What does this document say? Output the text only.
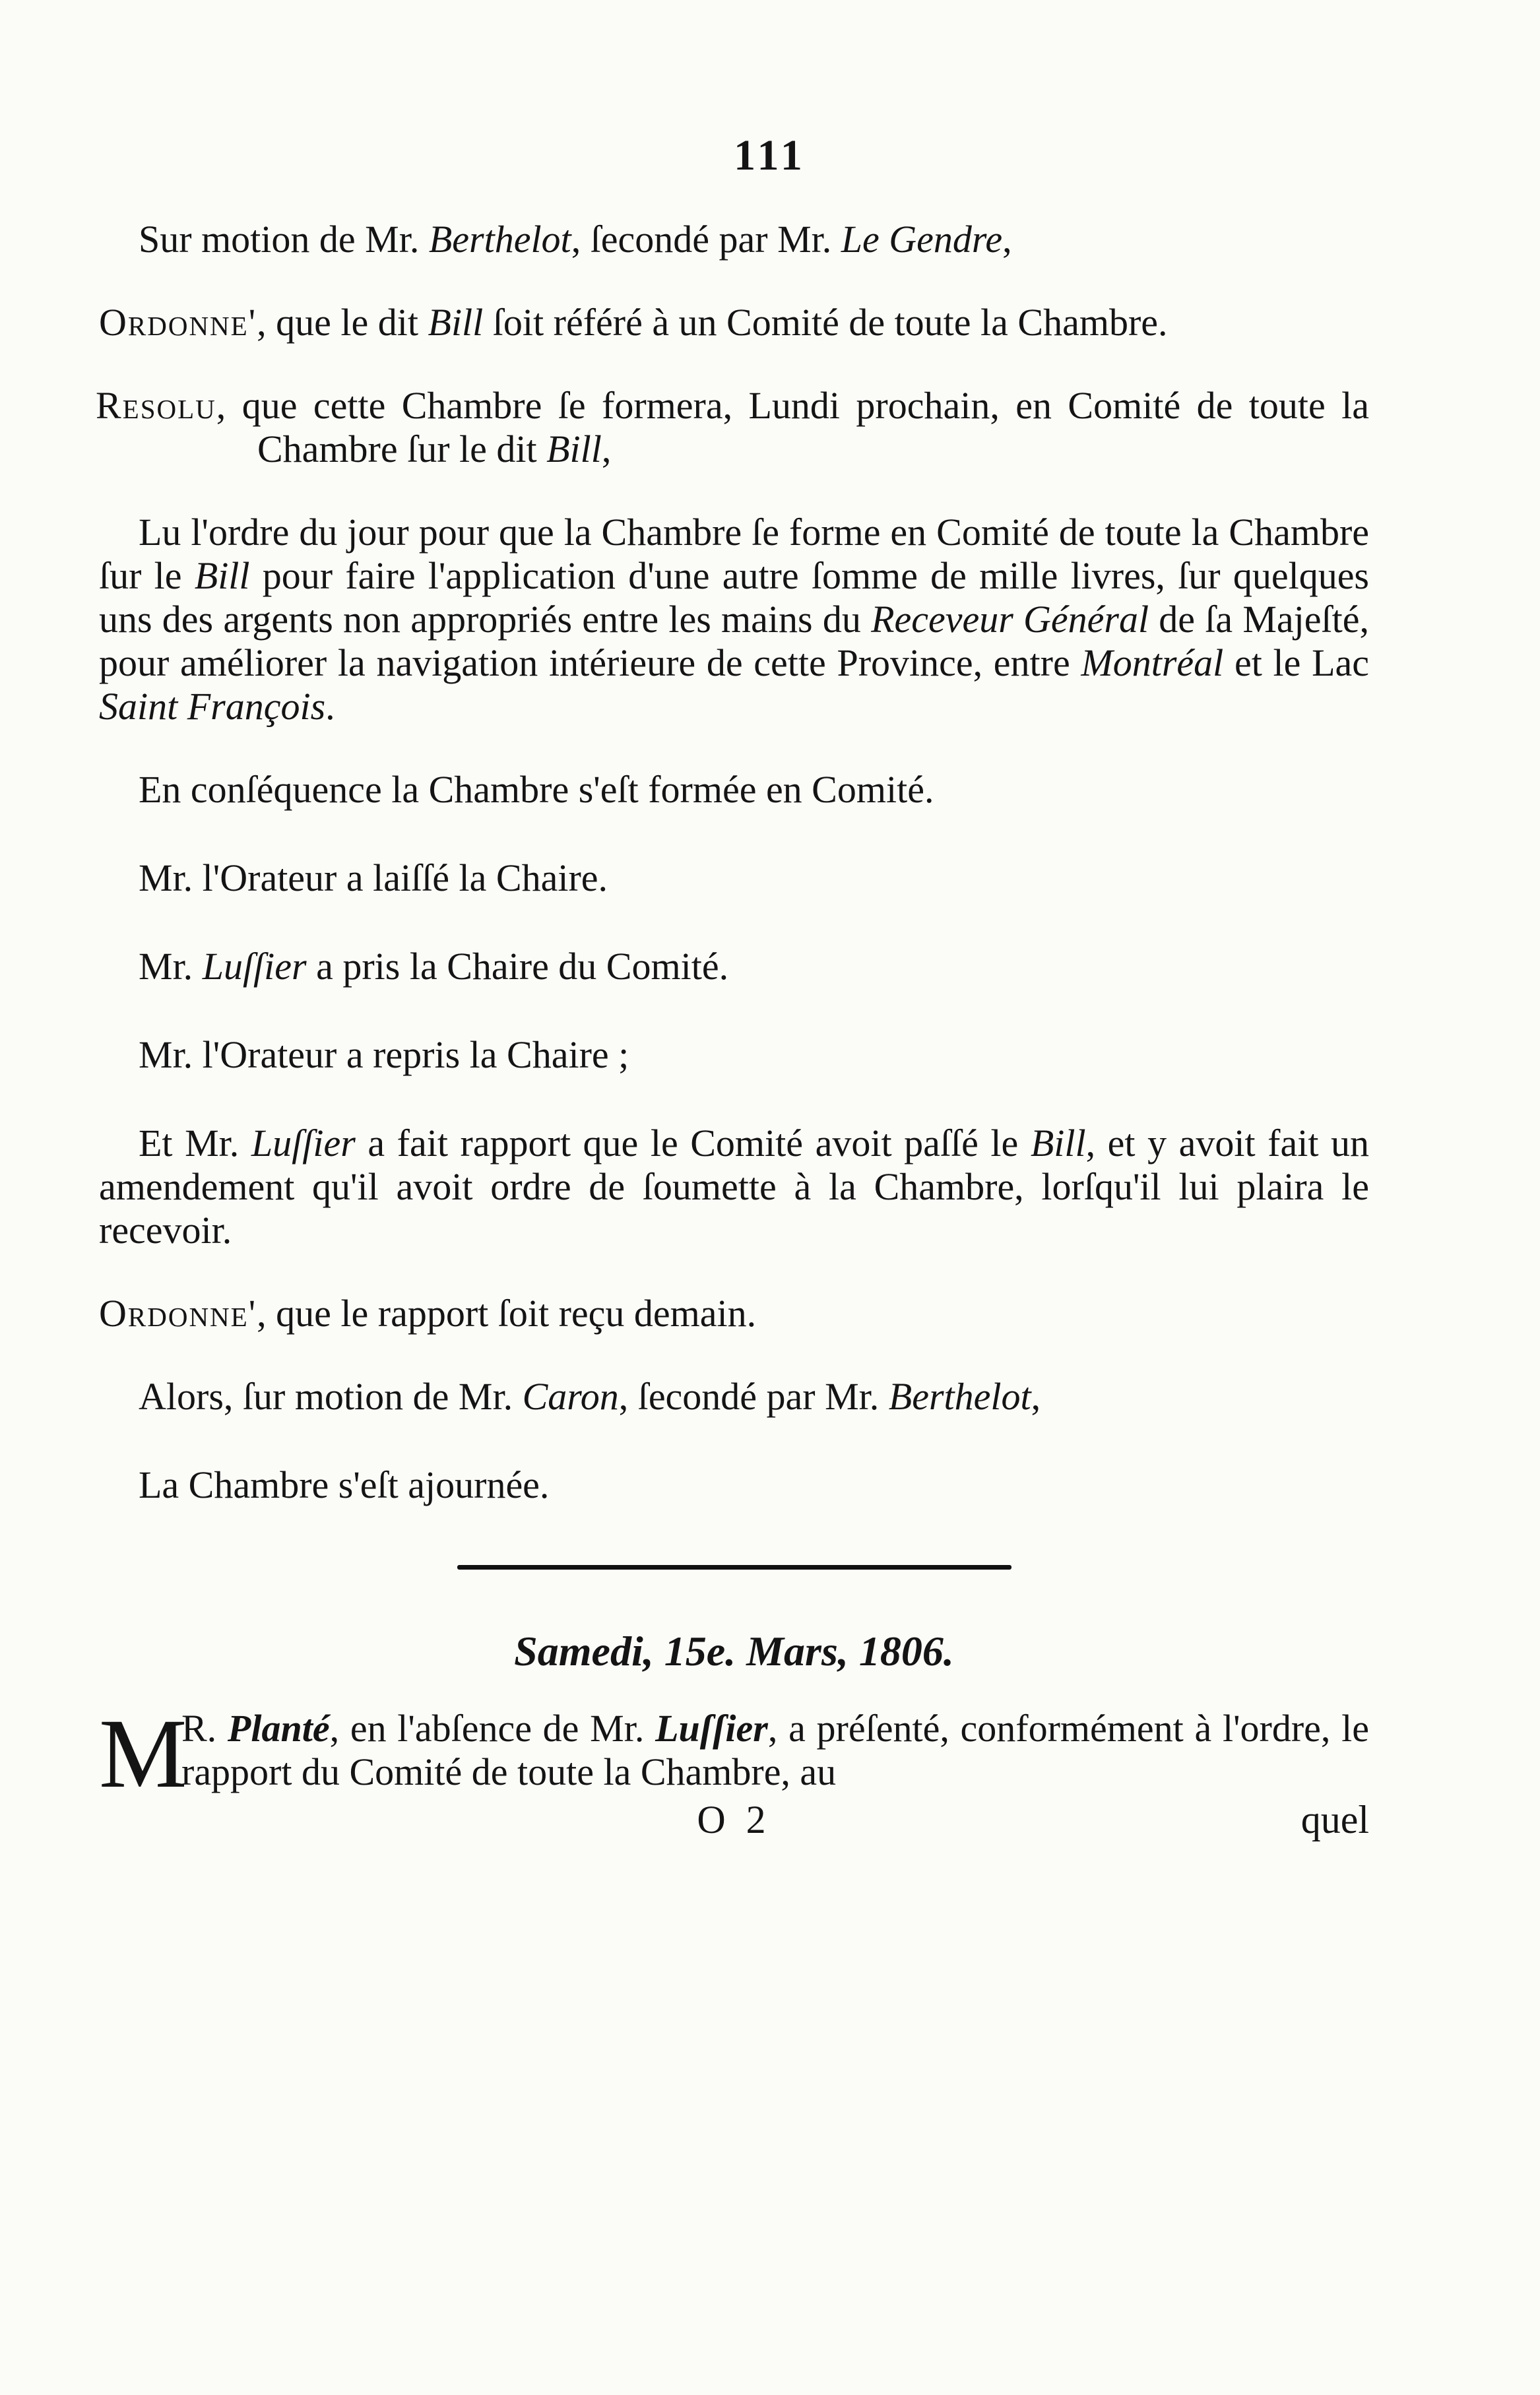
111

Sur motion de Mr. Berthelot, ſecondé par Mr. Le Gendre,

Ordonne', que le dit Bill ſoit référé à un Comité de toute la Chambre.

Resolu, que cette Chambre ſe formera, Lundi prochain, en Comité de toute la Chambre ſur le dit Bill,

Lu l'ordre du jour pour que la Chambre ſe forme en Comité de toute la Chambre ſur le Bill pour faire l'application d'une autre ſomme de mille livres, ſur quelques uns des argents non appropriés entre les mains du Receveur Général de ſa Majeſté, pour améliorer la navigation intérieure de cette Province, entre Montréal et le Lac Saint François.

En conſéquence la Chambre s'eſt formée en Comité.

Mr. l'Orateur a laiſſé la Chaire.

Mr. Luſſier a pris la Chaire du Comité.

Mr. l'Orateur a repris la Chaire ;

Et Mr. Luſſier a fait rapport que le Comité avoit paſſé le Bill, et y avoit fait un amendement qu'il avoit ordre de ſoumette à la Chambre, lorſqu'il lui plaira le recevoir.

Ordonne', que le rapport ſoit reçu demain.

Alors, ſur motion de Mr. Caron, ſecondé par Mr. Berthelot,

La Chambre s'eſt ajournée.

Samedi, 15e. Mars, 1806.

M

R. Planté, en l'abſence de Mr. Luſſier, a préſenté, conformément à l'ordre, le rapport du Comité de toute la Chambre, au

O 2	quel
